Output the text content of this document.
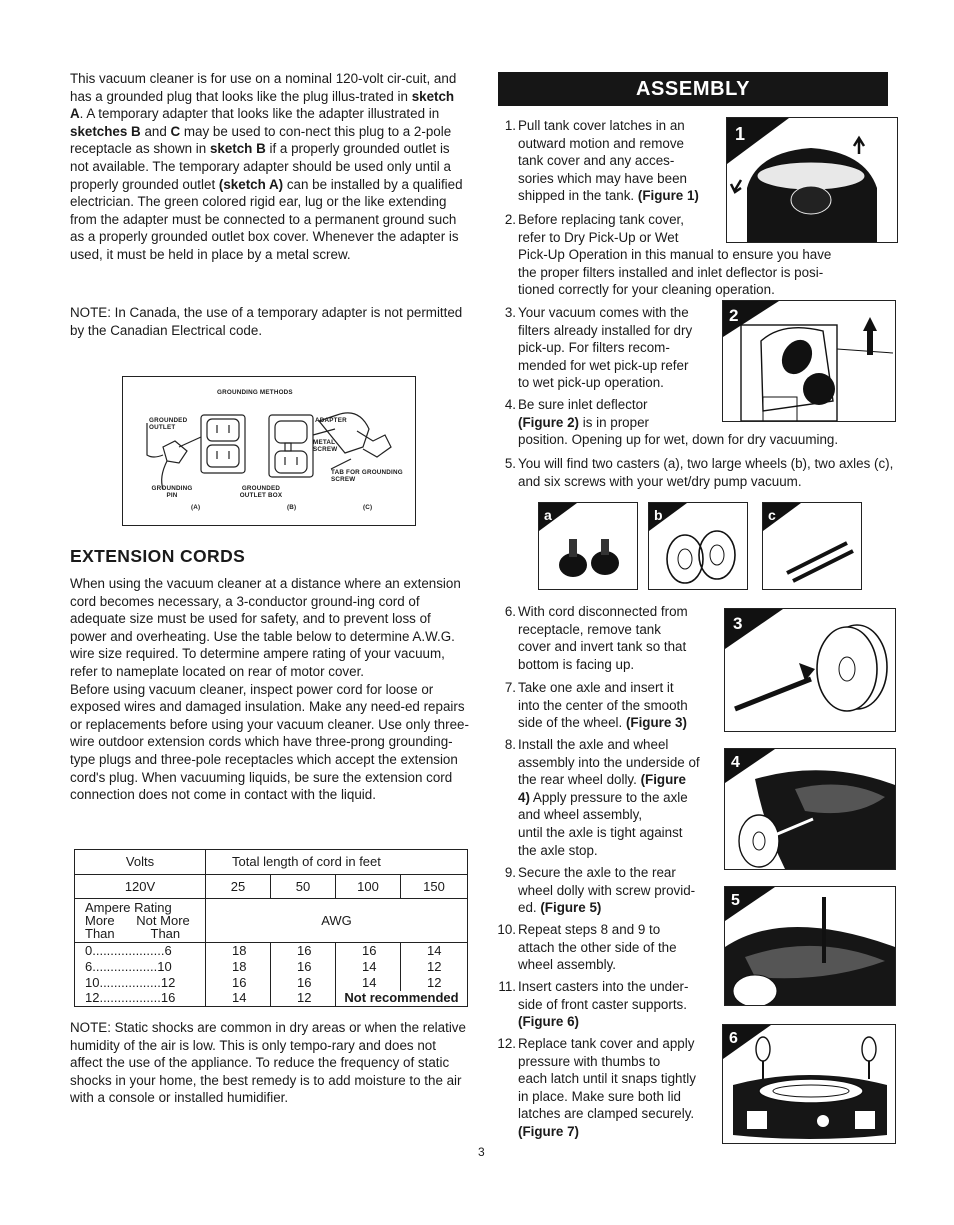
This vacuum cleaner is for use on a nominal 120-volt cir-cuit, and has a grounded plug that looks like the plug illus-trated in sketch A. A temporary adapter that looks like the adapter illustrated in sketches B and C may be used to con-nect this plug to a 2-pole receptacle as shown in sketch B if a properly grounded outlet is not available. The temporary adapter should be used only until a properly grounded outlet (sketch A) can be installed by a qualified electrician. The green colored rigid ear, lug or the like extending from the adapter must be connected to a permanent ground such as a properly grounded outlet box cover. Whenever the adapter is used, it must be held in place by a metal screw.

NOTE: In Canada, the use of a temporary adapter is not permitted by the Canadian Electrical code.

GROUNDING METHODS
GROUNDED OUTLET
ADAPTER
METAL SCREW
TAB FOR GROUNDING SCREW
GROUNDING PIN
GROUNDED OUTLET BOX
(A)	(B)	(C)
EXTENSION CORDS

When using the vacuum cleaner at a distance where an extension cord becomes necessary, a 3-conductor ground-ing cord of adequate size must be used for safety, and to prevent loss of power and overheating. Use the table below to determine A.W.G. wire size required. To determine ampere rating of your vacuum, refer to nameplate located on rear of motor cover.

Before using vacuum cleaner, inspect power cord for loose or exposed wires and damaged insulation. Make any need-ed repairs or replacements before using your vacuum cleaner. Use only three-wire outdoor extension cords which have three-prong grounding-type plugs and three-pole receptacles which accept the extension cord's plug. When vacuuming liquids, be sure the extension cord connection does not come in contact with the liquid.

Volts	Total length of cord in feet			
120V	25	50	100	150

Ampere Rating
More      Not More
Than          Than	AWG			
0....................6	18	16	16	14
6..................10	18	16	14	12
10.................12	16	16	14	12
12.................16	14	12	Not recommended	

NOTE: Static shocks are common in dry areas or when the relative humidity of the air is low. This is only tempo-rary and does not affect the use of the appliance. To reduce the frequency of static shocks in your home, the best remedy is to add moisture to the air with a console or installed humidifier.

ASSEMBLY
1. Pull tank cover latches in an
outward motion and remove
tank cover and any acces-
sories which may have been
shipped in the tank. (Figure 1)
2. Before replacing tank cover,
refer to Dry Pick-Up or Wet
Pick-Up Operation in this manual to ensure you have
the proper filters installed and inlet deflector is posi-
tioned correctly for your cleaning operation.
3. Your vacuum comes with the
filters already installed for dry
pick-up. For filters recom-
mended for wet pick-up refer
to wet pick-up operation.
4. Be sure inlet deflector
(Figure 2) is in proper
position. Opening up for wet, down for dry vacuuming.
5. You will find two casters (a), two large wheels (b), two axles (c), and six screws with your wet/dry pump vacuum.
6. With cord disconnected from
receptacle, remove tank
cover and invert tank so that
bottom is facing up.
7. Take one axle and insert it
into the center of the smooth
side of the wheel. (Figure 3)
8. Install the axle and wheel
assembly into the underside of
the rear wheel dolly. (Figure
4) Apply pressure to the axle
and wheel assembly,
until the axle is tight against
the axle stop.
9. Secure the axle to the rear
wheel dolly with screw provid-
ed. (Figure 5)
10. Repeat steps 8 and 9 to
attach the other side of the
wheel assembly.
11. Insert casters into the under-
side of front caster supports.
(Figure 6)
12. Replace tank cover and apply
pressure with thumbs to
each latch until it snaps tightly
in place. Make sure both lid
latches are clamped securely.
(Figure 7)
1
2
a	b	c
3
4
5
6
3
